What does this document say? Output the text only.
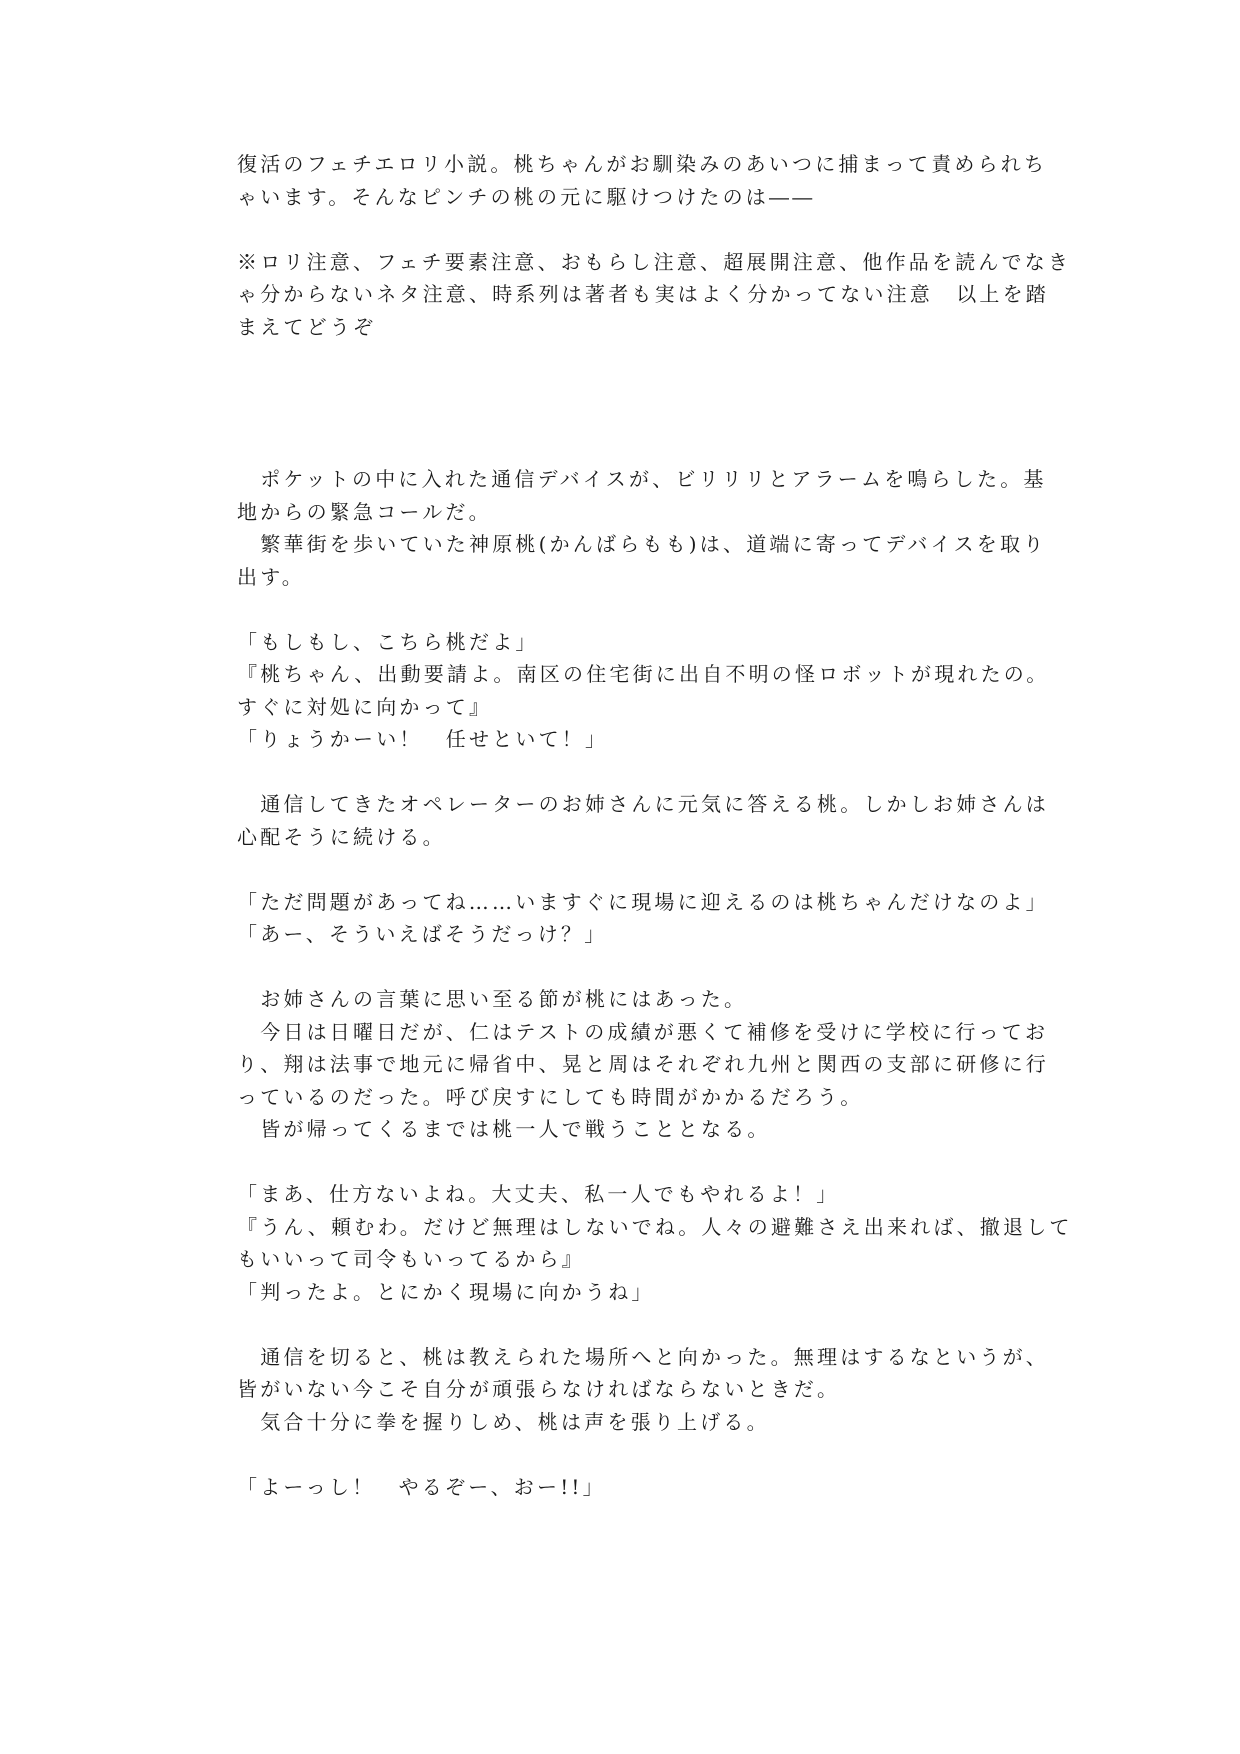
復活のフェチエロリ小説。桃ちゃんがお馴染みのあいつに捕まって責められち
ゃいます。そんなピンチの桃の元に駆けつけたのは――
※ロリ注意、フェチ要素注意、おもらし注意、超展開注意、他作品を読んでなき
ゃ分からないネタ注意、時系列は著者も実はよく分かってない注意　以上を踏
まえてどうぞ
　ポケットの中に入れた通信デバイスが、ビリリリとアラームを鳴らした。基
地からの緊急コールだ。
　繁華街を歩いていた神原桃(かんばらもも)は、道端に寄ってデバイスを取り
出す。
「もしもし、こちら桃だよ」
『桃ちゃん、出動要請よ。南区の住宅街に出自不明の怪ロボットが現れたの。
すぐに対処に向かって』
「りょうかーい！　任せといて！」
　通信してきたオペレーターのお姉さんに元気に答える桃。しかしお姉さんは
心配そうに続ける。
「ただ問題があってね……いますぐに現場に迎えるのは桃ちゃんだけなのよ」
「あー、そういえばそうだっけ？」
　お姉さんの言葉に思い至る節が桃にはあった。
　今日は日曜日だが、仁はテストの成績が悪くて補修を受けに学校に行ってお
り、翔は法事で地元に帰省中、晃と周はそれぞれ九州と関西の支部に研修に行
っているのだった。呼び戻すにしても時間がかかるだろう。
　皆が帰ってくるまでは桃一人で戦うこととなる。
「まあ、仕方ないよね。大丈夫、私一人でもやれるよ！」
『うん、頼むわ。だけど無理はしないでね。人々の避難さえ出来れば、撤退して
もいいって司令もいってるから』
「判ったよ。とにかく現場に向かうね」
　通信を切ると、桃は教えられた場所へと向かった。無理はするなというが、
皆がいない今こそ自分が頑張らなければならないときだ。
　気合十分に拳を握りしめ、桃は声を張り上げる。
「よーっし！　やるぞー、おー!!」
